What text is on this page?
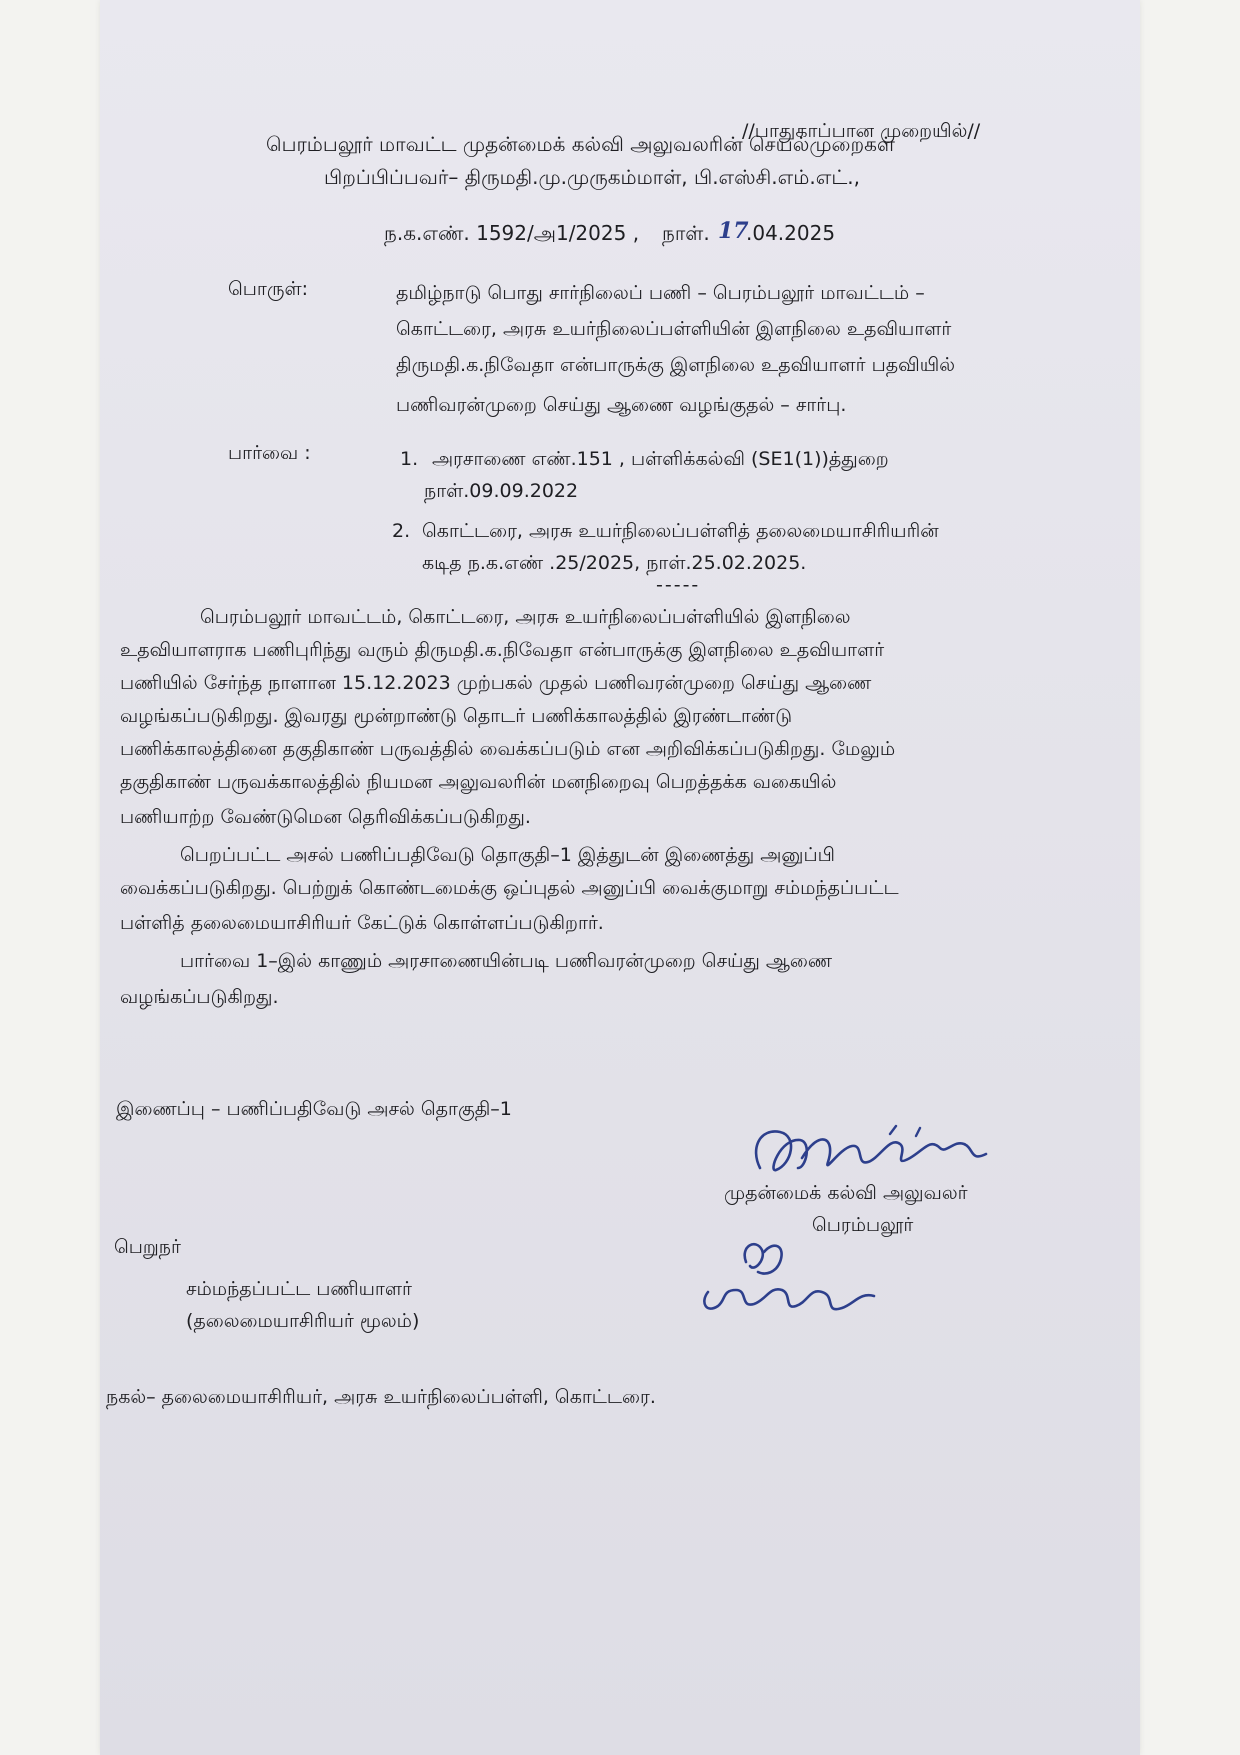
//பாதுகாப்பான முறையில்//
பெரம்பலூர் மாவட்ட முதன்மைக் கல்வி அலுவலரின் செயல்முறைகள்
பிறப்பிப்பவர்– திருமதி.மு.முருகம்மாள், பி.எஸ்சி.எம்.எட்.,
ந.க.எண். 1592/அ1/2025 , நாள். 17
.04.2025
பொருள்:	தமிழ்நாடு பொது சார்நிலைப் பணி – பெரம்பலூர் மாவட்டம் –
கொட்டரை, அரசு உயர்நிலைப்பள்ளியின் இளநிலை உதவியாளர்
திருமதி.க.நிவேதா என்பாருக்கு இளநிலை உதவியாளர் பதவியில்
பணிவரன்முறை செய்து ஆணை வழங்குதல் – சார்பு.
பார்வை :	1. அரசாணை எண்.151 , பள்ளிக்கல்வி (SE1(1))த்துறை
நாள்.09.09.2022
2. கொட்டரை, அரசு உயர்நிலைப்பள்ளித் தலைமையாசிரியரின்
கடித ந.க.எண் .25/2025, நாள்.25.02.2025.
-----
பெரம்பலூர் மாவட்டம், கொட்டரை, அரசு உயர்நிலைப்பள்ளியில் இளநிலை
உதவியாளராக பணிபுரிந்து வரும் திருமதி.க.நிவேதா என்பாருக்கு இளநிலை உதவியாளர்
பணியில் சேர்ந்த நாளான 15.12.2023 முற்பகல் முதல் பணிவரன்முறை செய்து ஆணை
வழங்கப்படுகிறது. இவரது மூன்றாண்டு தொடர் பணிக்காலத்தில் இரண்டாண்டு
பணிக்காலத்தினை தகுதிகாண் பருவத்தில் வைக்கப்படும் என அறிவிக்கப்படுகிறது. மேலும்
தகுதிகாண் பருவக்காலத்தில் நியமன அலுவலரின் மனநிறைவு பெறத்தக்க வகையில்
பணியாற்ற வேண்டுமென தெரிவிக்கப்படுகிறது.
பெறப்பட்ட அசல் பணிப்பதிவேடு தொகுதி–1 இத்துடன் இணைத்து அனுப்பி
வைக்கப்படுகிறது. பெற்றுக் கொண்டமைக்கு ஒப்புதல் அனுப்பி வைக்குமாறு சம்மந்தப்பட்ட
பள்ளித் தலைமையாசிரியர் கேட்டுக் கொள்ளப்படுகிறார்.
பார்வை 1–இல் காணும் அரசாணையின்படி பணிவரன்முறை செய்து ஆணை
வழங்கப்படுகிறது.
இணைப்பு – பணிப்பதிவேடு அசல் தொகுதி–1
முதன்மைக் கல்வி அலுவலர்
பெரம்பலூர்
பெறுநர்
சம்மந்தப்பட்ட பணியாளர்
(தலைமையாசிரியர் மூலம்)
நகல்– தலைமையாசிரியர், அரசு உயர்நிலைப்பள்ளி, கொட்டரை.
